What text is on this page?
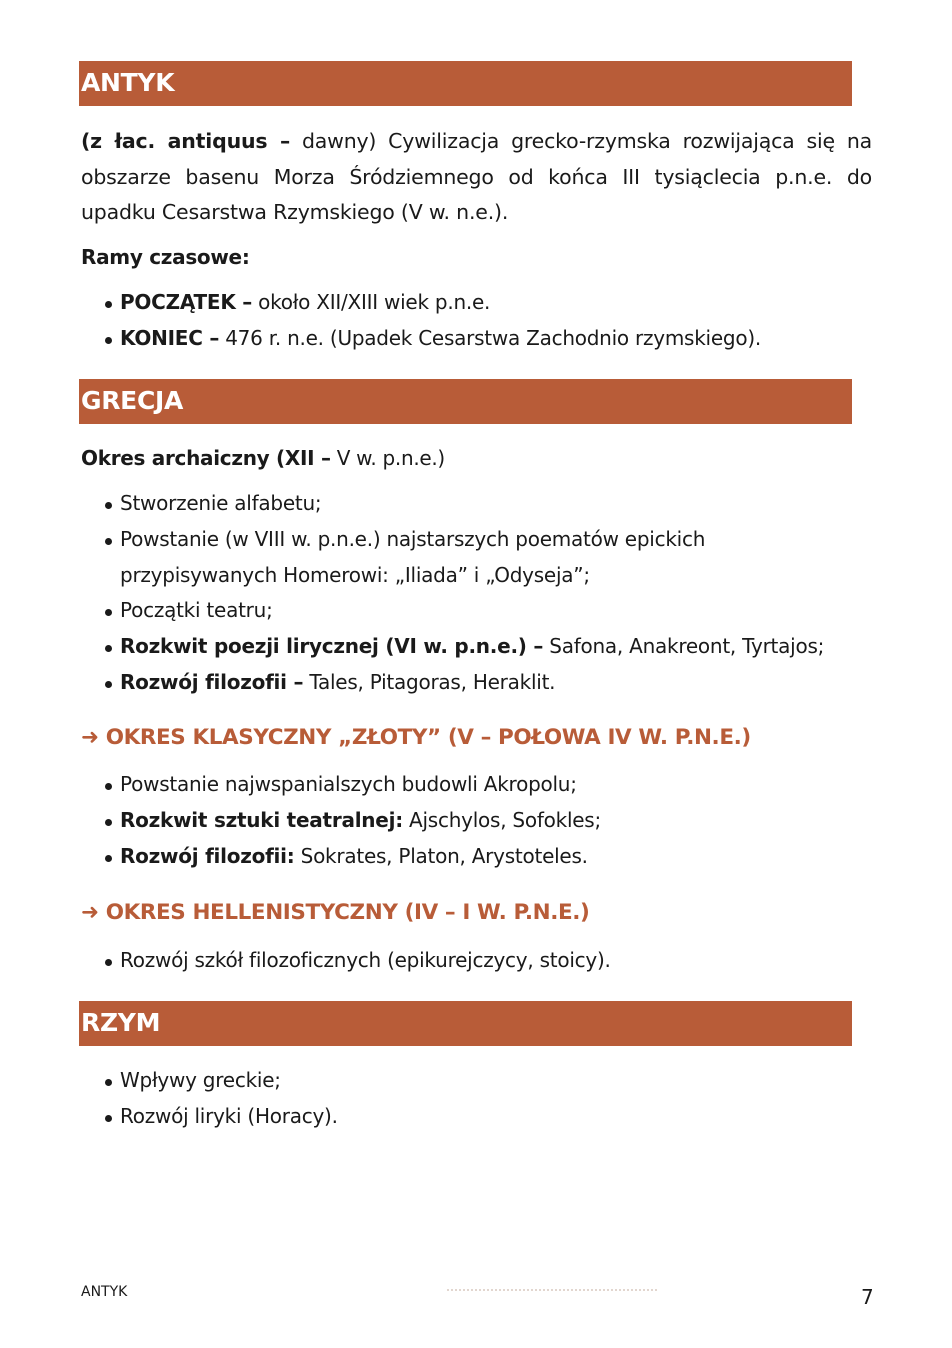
ANTYK
(z łac. antiquus – dawny) Cywilizacja grecko-rzymska rozwijająca się na obszarze basenu Morza Śródziemnego od końca III tysiąclecia p.n.e. do upadku Cesarstwa Rzymskiego (V w. n.e.).
Ramy czasowe:
POCZĄTEK – około XII/XIII wiek p.n.e.
KONIEC – 476 r. n.e. (Upadek Cesarstwa Zachodnio rzymskiego).
GRECJA
Okres archaiczny (XII – V w. p.n.e.)
Stworzenie alfabetu;
Powstanie (w VIII w. p.n.e.) najstarszych poematów epickich przypisywanych Homerowi: „Iliada” i „Odyseja”;
Początki teatru;
Rozkwit poezji lirycznej (VI w. p.n.e.) – Safona, Anakreont, Tyrtajos;
Rozwój filozofii – Tales, Pitagoras, Heraklit.
➜ OKRES KLASYCZNY „ZŁOTY” (V – POŁOWA IV W. P.N.E.)
Powstanie najwspanialszych budowli Akropolu;
Rozkwit sztuki teatralnej: Ajschylos, Sofokles;
Rozwój filozofii: Sokrates, Platon, Arystoteles.
➜ OKRES HELLENISTYCZNY (IV – I W. P.N.E.)
Rozwój szkół filozoficznych (epikurejczycy, stoicy).
RZYM
Wpływy greckie;
Rozwój liryki (Horacy).
ANTYK	7
